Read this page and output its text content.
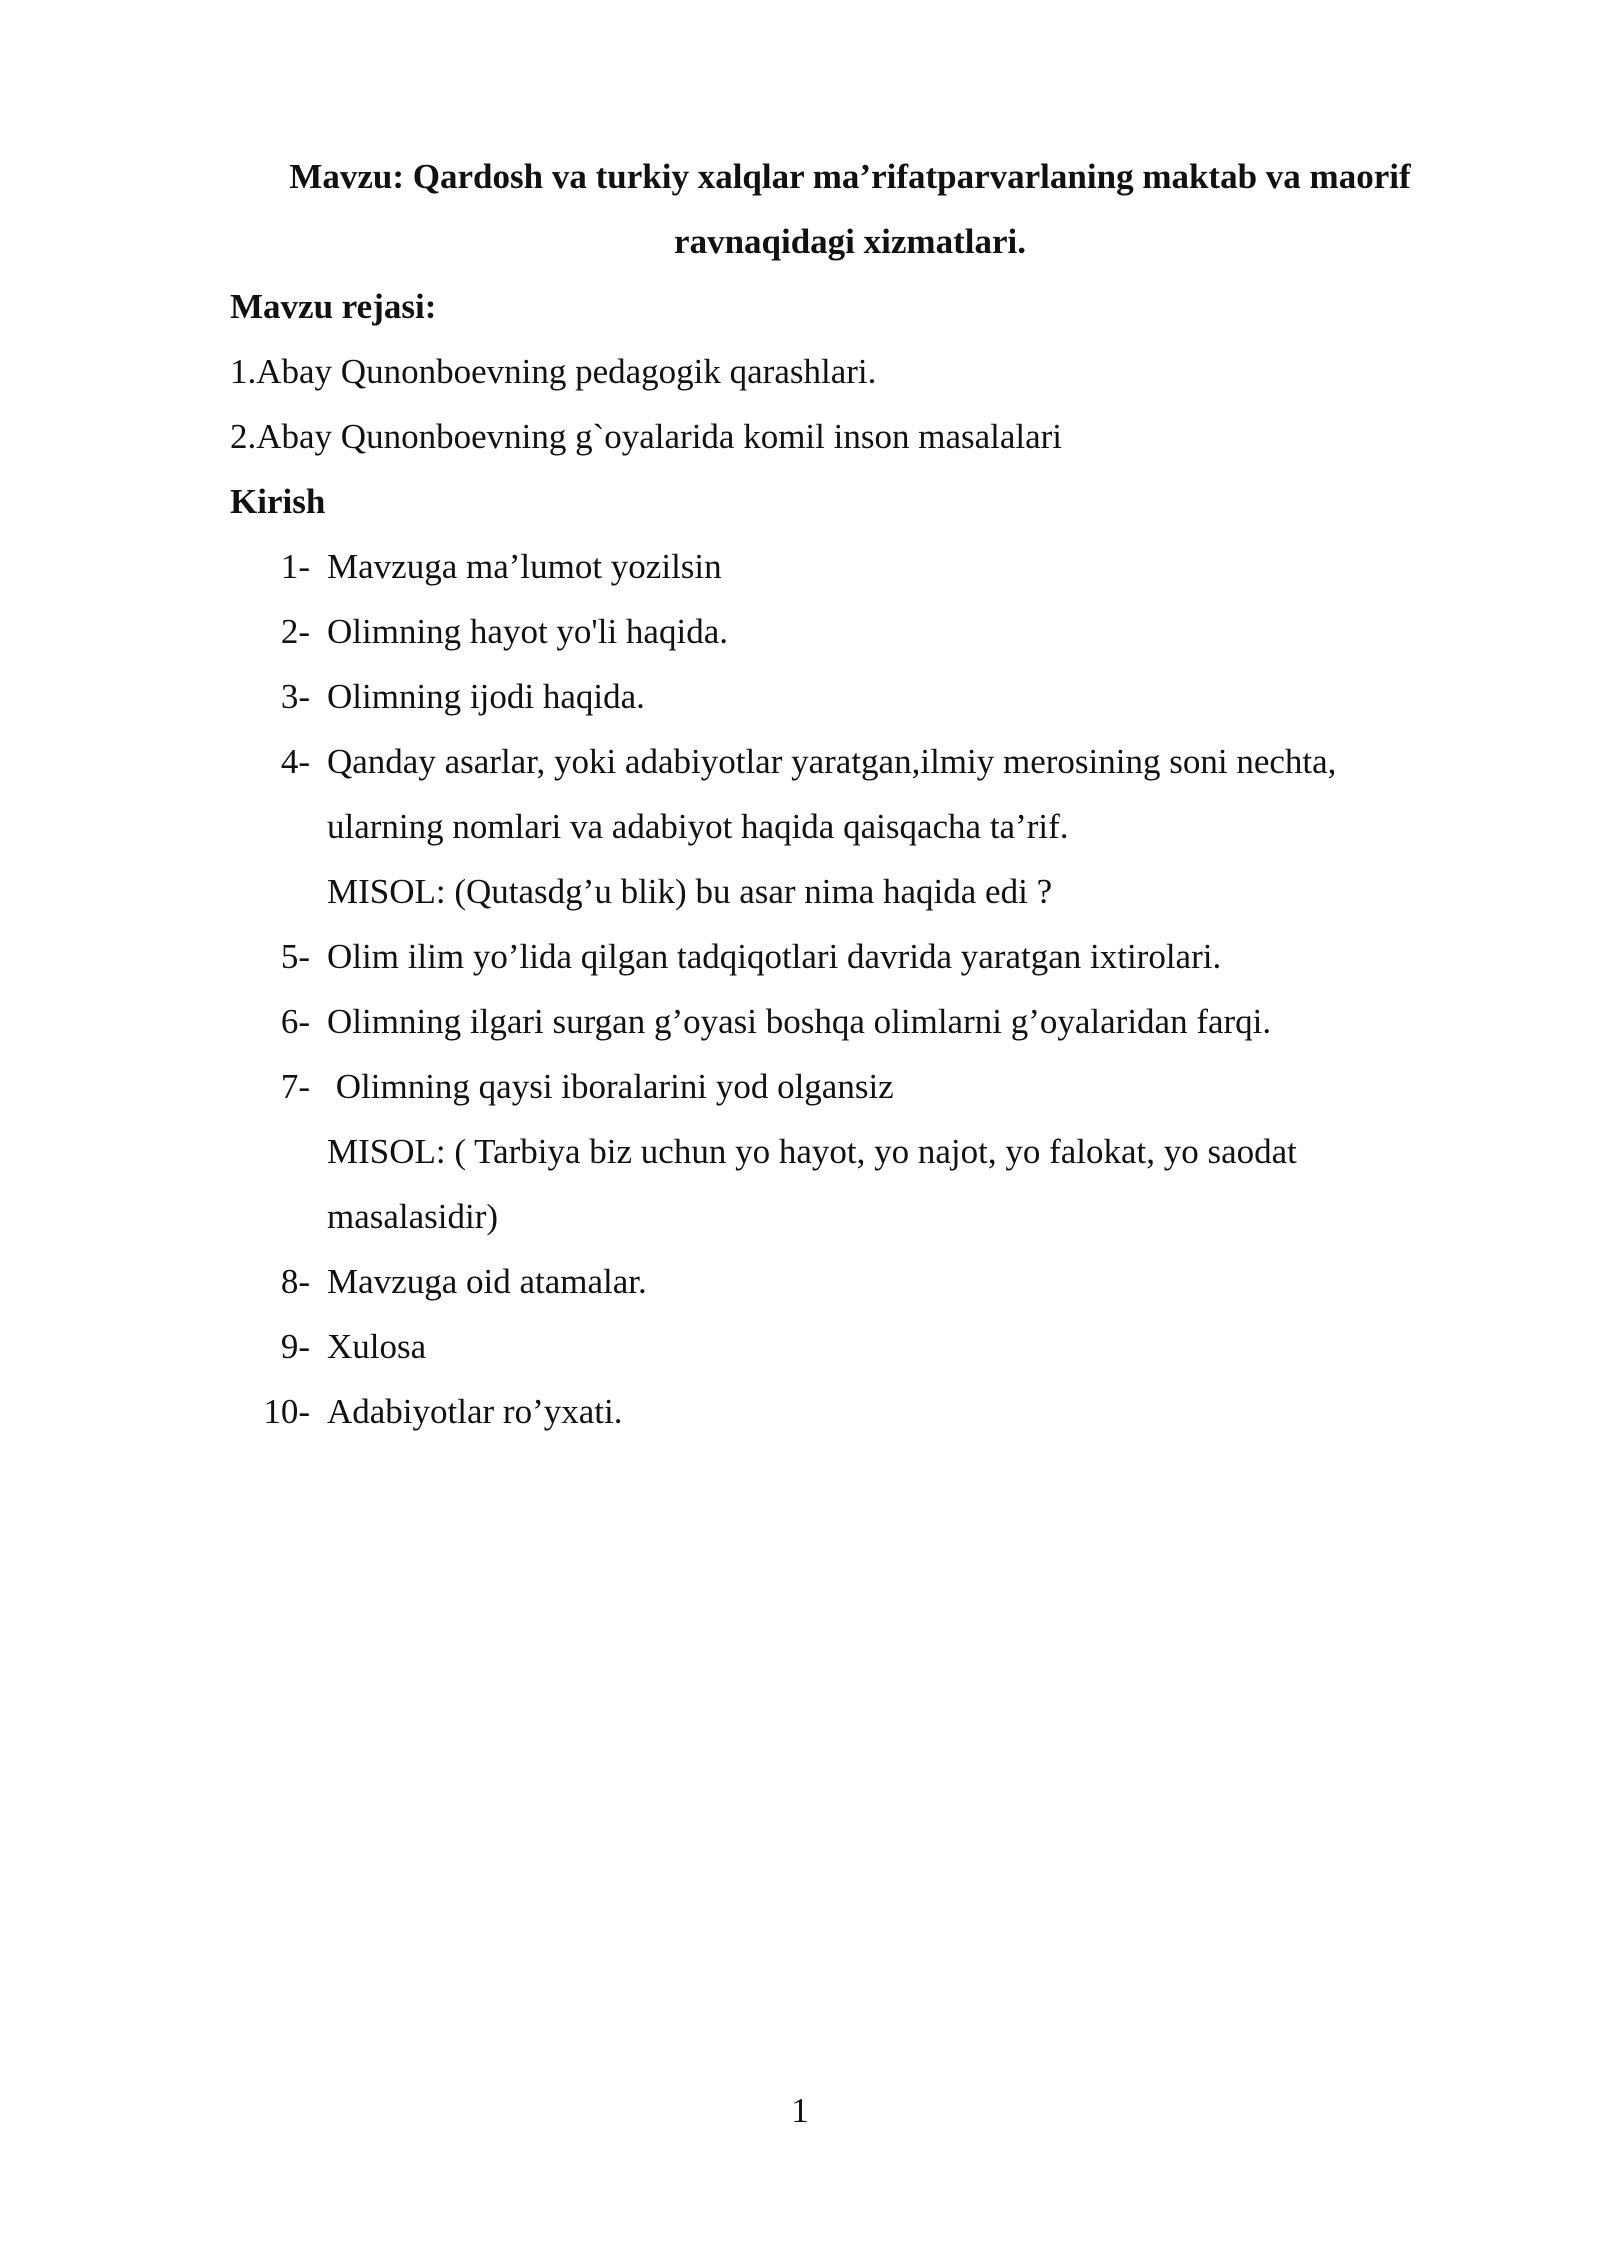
Mavzu: Qardosh va turkiy xalqlar ma’rifatparvarlaning maktab va maorif
ravnaqidagi xizmatlari.
Mavzu rejasi:
1.Abay Qunonboevning pedagogik qarashlari.
2.Abay Qunonboevning g`oyalarida komil inson masalalari
Kirish
1- Mavzuga ma’lumot yozilsin
2- Olimning hayot yo'li haqida.
3- Olimning ijodi haqida.
4- Qanday asarlar, yoki adabiyotlar yaratgan,ilmiy merosining soni nechta,
ularning nomlari va adabiyot haqida qaisqacha ta’rif.
MISOL: (Qutasdg’u blik) bu asar nima haqida edi ?
5- Olim ilim yo’lida qilgan tadqiqotlari davrida yaratgan ixtirolari.
6- Olimning ilgari surgan g’oyasi boshqa olimlarni g’oyalaridan farqi.
7- Olimning qaysi iboralarini yod olgansiz
MISOL: ( Tarbiya biz uchun yo hayot, yo najot, yo falokat, yo saodat
masalasidir)
8- Mavzuga oid atamalar.
9- Xulosa
10- Adabiyotlar ro’yxati.
1
